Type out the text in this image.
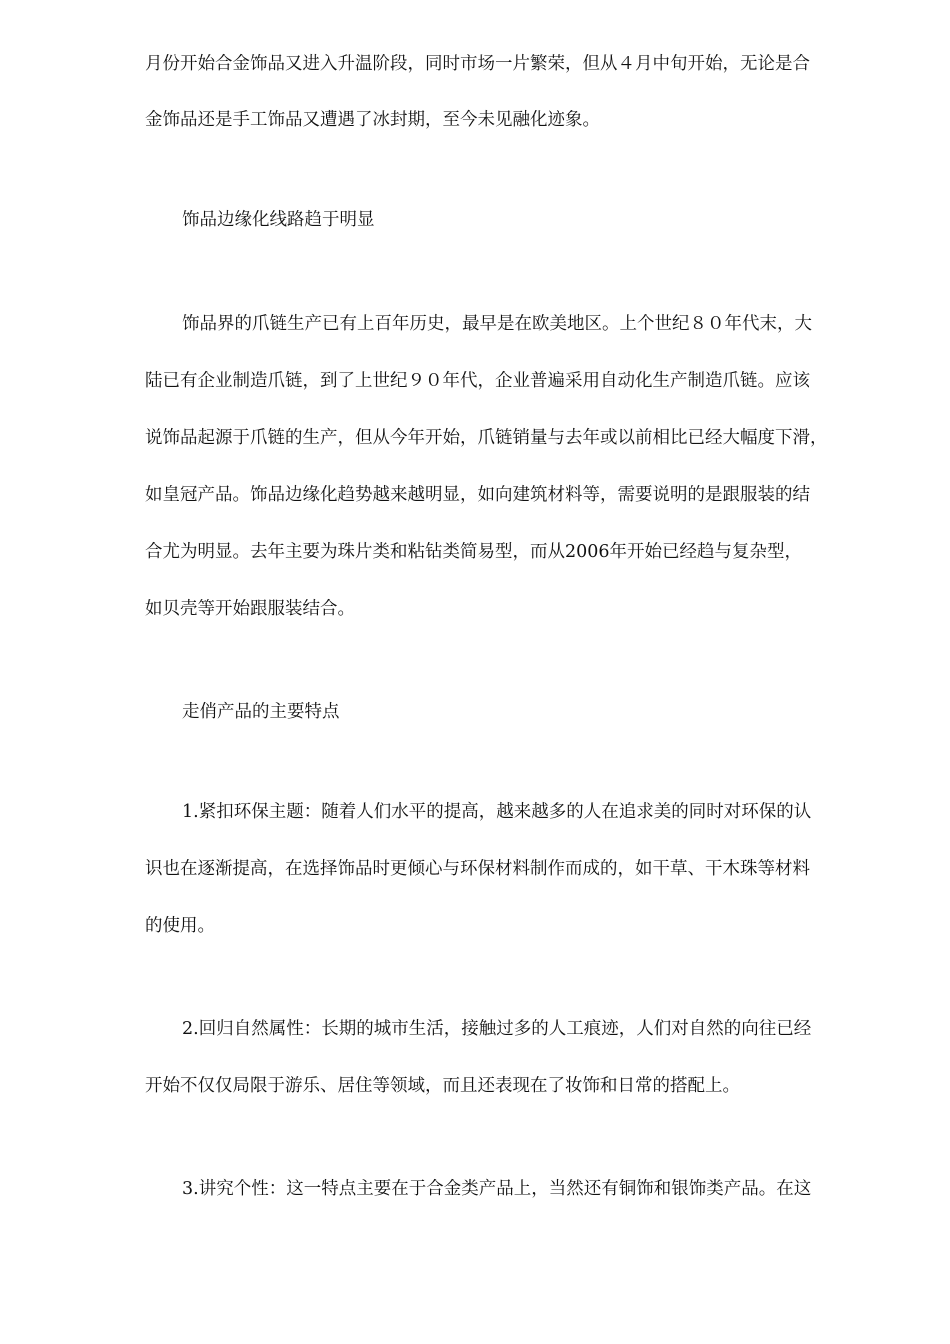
月份开始合金饰品又进入升温阶段，同时市场一片繁荣，但从４月中旬开始，无论是合
金饰品还是手工饰品又遭遇了冰封期，至今未见融化迹象。
饰品边缘化线路趋于明显
饰品界的爪链生产已有上百年历史，最早是在欧美地区。上个世纪８０年代末，大
陆已有企业制造爪链，到了上世纪９０年代，企业普遍采用自动化生产制造爪链。应该
说饰品起源于爪链的生产，但从今年开始，爪链销量与去年或以前相比已经大幅度下滑，
如皇冠产品。饰品边缘化趋势越来越明显，如向建筑材料等，需要说明的是跟服装的结
合尤为明显。去年主要为珠片类和粘钻类简易型，而从2006年开始已经趋与复杂型，
如贝壳等开始跟服装结合。
走俏产品的主要特点
1.紧扣环保主题：随着人们水平的提高，越来越多的人在追求美的同时对环保的认
识也在逐渐提高，在选择饰品时更倾心与环保材料制作而成的，如干草、干木珠等材料
的使用。
2.回归自然属性：长期的城市生活，接触过多的人工痕迹，人们对自然的向往已经
开始不仅仅局限于游乐、居住等领域，而且还表现在了妆饰和日常的搭配上。
3.讲究个性：这一特点主要在于合金类产品上，当然还有铜饰和银饰类产品。在这
